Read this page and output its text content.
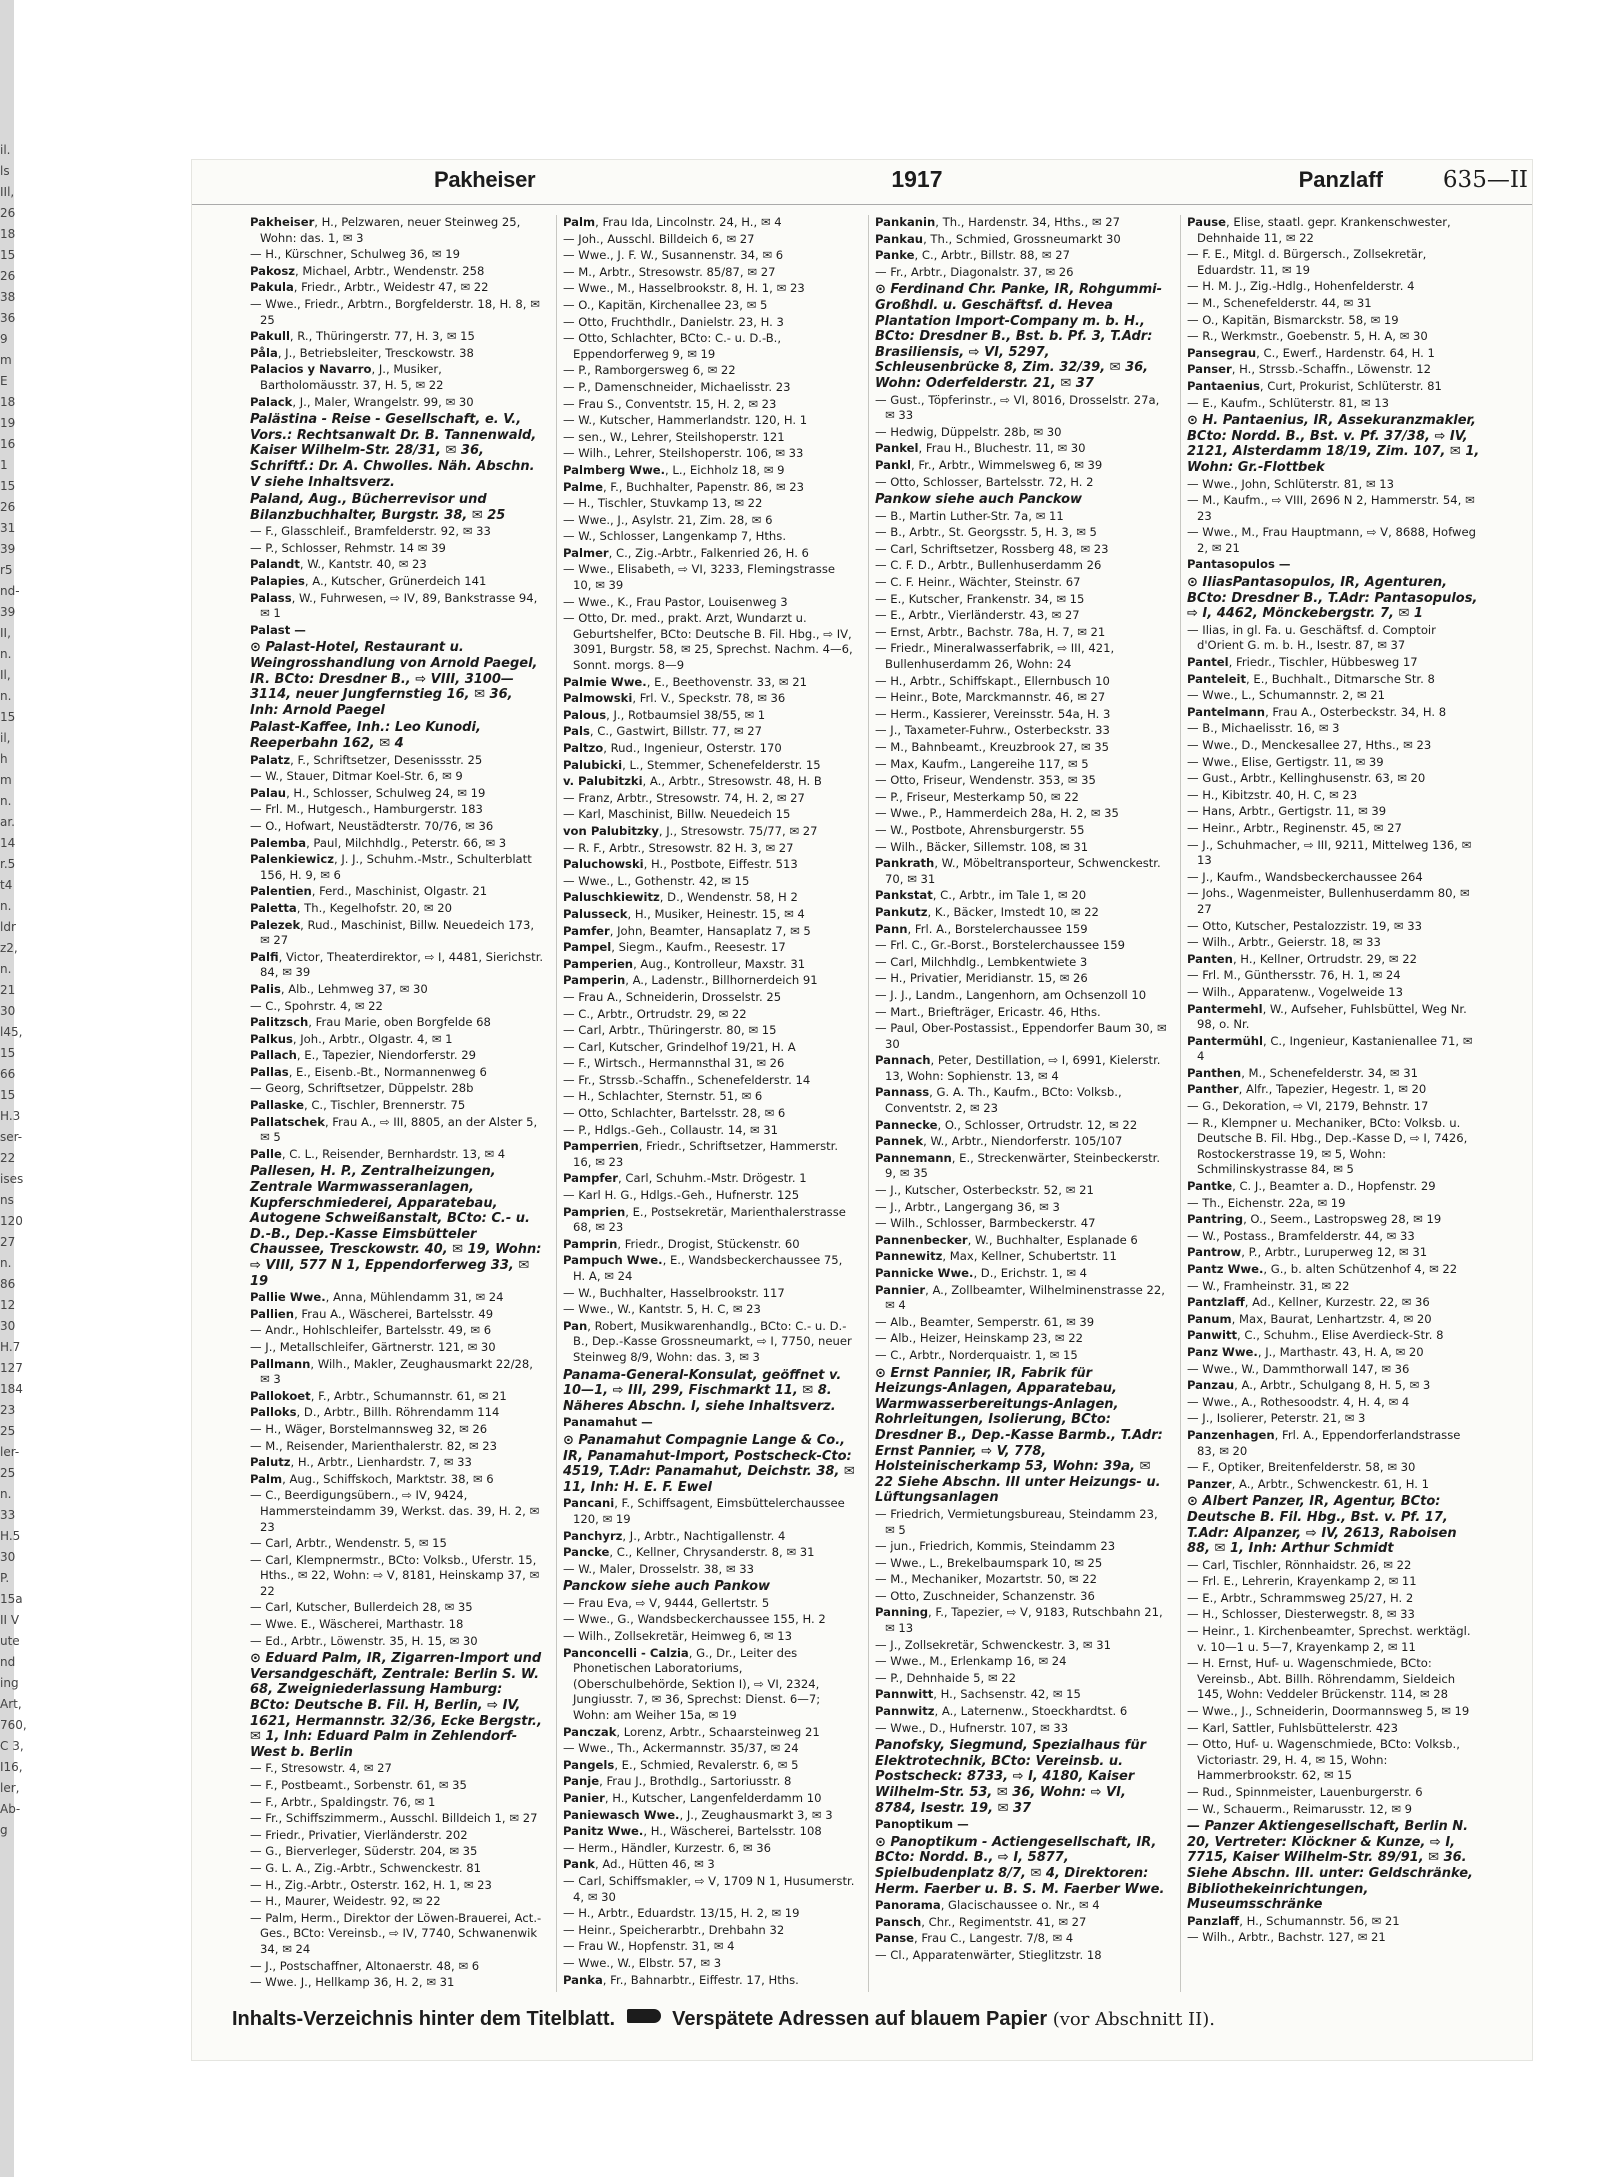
il.
ls
IIl,
26
18
15
26
38
36
9
m
E
18
19
16
1
15
26
31
39
r5
nd-
39
II,
n.
Il,
n.
15
il,
h
m
n.
ar.
14
r.5
t4
n.
ldr
z2,
n.
21
30
l45,
15
66
15
H.3
ser-
22
ises
ns
120
27
n.
86
12
30
H.7
127
184
23
25
ler-
25
n.
33
H.5
30
P.
15a
II V
ute
nd
ing
Art,
760,
C 3,
I16,
ler,
Ab-
g
Pakheiser	1917	Panzlaff	635—II
Pakheiser, H., Pelzwaren, neuer Steinweg 25, Wohn: das. 1, ✉ 3
— H., Kürschner, Schulweg 36, ✉ 19
Pakosz, Michael, Arbtr., Wendenstr. 258
Pakula, Friedr., Arbtr., Weidestr 47, ✉ 22
— Wwe., Friedr., Arbtrn., Borgfelderstr. 18, H. 8, ✉ 25
Pakull, R., Thüringerstr. 77, H. 3, ✉ 15
Påla, J., Betriebsleiter, Tresckowstr. 38
Palacios y Navarro, J., Musiker, Bartholomäusstr. 37, H. 5, ✉ 22
Palack, J., Maler, Wrangelstr. 99, ✉ 30
Palästina - Reise - Gesellschaft, e. V., Vors.: Rechtsanwalt Dr. B. Tannenwald, Kaiser Wilhelm-Str. 28/31, ✉ 36, Schriftf.: Dr. A. Chwolles. Näh. Abschn. V siehe Inhaltsverz.
Paland, Aug., Bücherrevisor und Bilanzbuchhalter, Burgstr. 38, ✉ 25
— F., Glasschleif., Bramfelderstr. 92, ✉ 33
— P., Schlosser, Rehmstr. 14 ✉ 39
Palandt, W., Kantstr. 40, ✉ 23
Palapies, A., Kutscher, Grünerdeich 141
Palass, W., Fuhrwesen, ⇨ IV, 89, Bankstrasse 94, ✉ 1
Palast —
⊙ Palast-Hotel, Restaurant u. Weingrosshandlung von Arnold Paegel, IR. BCto: Dresdner B., ⇨ VIII, 3100—3114, neuer Jungfernstieg 16, ✉ 36, Inh: Arnold Paegel
Palast-Kaffee, Inh.: Leo Kunodi, Reeperbahn 162, ✉ 4
Palatz, F., Schriftsetzer, Desenissstr. 25
— W., Stauer, Ditmar Koel-Str. 6, ✉ 9
Palau, H., Schlosser, Schulweg 24, ✉ 19
— Frl. M., Hutgesch., Hamburgerstr. 183
— O., Hofwart, Neustädterstr. 70/76, ✉ 36
Palemba, Paul, Milchhdlg., Peterstr. 66, ✉ 3
Palenkiewicz, J. J., Schuhm.-Mstr., Schulterblatt 156, H. 9, ✉ 6
Palentien, Ferd., Maschinist, Olgastr. 21
Paletta, Th., Kegelhofstr. 20, ✉ 20
Palezek, Rud., Maschinist, Billw. Neuedeich 173, ✉ 27
Palfi, Victor, Theaterdirektor, ⇨ I, 4481, Sierichstr. 84, ✉ 39
Palis, Alb., Lehmweg 37, ✉ 30
— C., Spohrstr. 4, ✉ 22
Palitzsch, Frau Marie, oben Borgfelde 68
Palkus, Joh., Arbtr., Olgastr. 4, ✉ 1
Pallach, E., Tapezier, Niendorferstr. 29
Pallas, E., Eisenb.-Bt., Normannenweg 6
— Georg, Schriftsetzer, Düppelstr. 28b
Pallaske, C., Tischler, Brennerstr. 75
Pallatschek, Frau A., ⇨ III, 8805, an der Alster 5, ✉ 5
Palle, C. L., Reisender, Bernhardstr. 13, ✉ 4
Pallesen, H. P., Zentralheizungen, Zentrale Warmwasseranlagen, Kupferschmiederei, Apparatebau, Autogene Schweißanstalt, BCto: C.- u. D.-B., Dep.-Kasse Eimsbütteler Chaussee, Tresckowstr. 40, ✉ 19, Wohn: ⇨ VIII, 577 N 1, Eppendorferweg 33, ✉ 19
Pallie Wwe., Anna, Mühlendamm 31, ✉ 24
Pallien, Frau A., Wäscherei, Bartelsstr. 49
— Andr., Hohlschleifer, Bartelsstr. 49, ✉ 6
— J., Metallschleifer, Gärtnerstr. 121, ✉ 30
Pallmann, Wilh., Makler, Zeughausmarkt 22/28, ✉ 3
Pallokoet, F., Arbtr., Schumannstr. 61, ✉ 21
Palloks, D., Arbtr., Billh. Röhrendamm 114
— H., Wäger, Borstelmannsweg 32, ✉ 26
— M., Reisender, Marienthalerstr. 82, ✉ 23
Palutz, H., Arbtr., Lienhardstr. 7, ✉ 33
Palm, Aug., Schiffskoch, Marktstr. 38, ✉ 6
— C., Beerdigungsübern., ⇨ IV, 9424, Hammersteindamm 39, Werkst. das. 39, H. 2, ✉ 23
— Carl, Arbtr., Wendenstr. 5, ✉ 15
— Carl, Klempnermstr., BCto: Volksb., Uferstr. 15, Hths., ✉ 22, Wohn: ⇨ V, 8181, Heinskamp 37, ✉ 22
— Carl, Kutscher, Bullerdeich 28, ✉ 35
— Wwe. E., Wäscherei, Marthastr. 18
— Ed., Arbtr., Löwenstr. 35, H. 15, ✉ 30
⊙ Eduard Palm, IR, Zigarren-Import und Versandgeschäft, Zentrale: Berlin S. W. 68, Zweigniederlassung Hamburg: BCto: Deutsche B. Fil. H, Berlin, ⇨ IV, 1621, Hermannstr. 32/36, Ecke Bergstr., ✉ 1, Inh: Eduard Palm in Zehlendorf-West b. Berlin
— F., Stresowstr. 4, ✉ 27
— F., Postbeamt., Sorbenstr. 61, ✉ 35
— F., Arbtr., Spaldingstr. 76, ✉ 1
— Fr., Schiffszimmerm., Ausschl. Billdeich 1, ✉ 27
— Friedr., Privatier, Vierländerstr. 202
— G., Bierverleger, Süderstr. 204, ✉ 35
— G. L. A., Zig.-Arbtr., Schwenckestr. 81
— H., Zig.-Arbtr., Osterstr. 162, H. 1, ✉ 23
— H., Maurer, Weidestr. 92, ✉ 22
— Palm, Herm., Direktor der Löwen-Brauerei, Act.-Ges., BCto: Vereinsb., ⇨ IV, 7740, Schwanenwik 34, ✉ 24
— J., Postschaffner, Altonaerstr. 48, ✉ 6
— Wwe. J., Hellkamp 36, H. 2, ✉ 31
Palm, Frau Ida, Lincolnstr. 24, H., ✉ 4
— Joh., Ausschl. Billdeich 6, ✉ 27
— Wwe., J. F. W., Susannenstr. 34, ✉ 6
— M., Arbtr., Stresowstr. 85/87, ✉ 27
— Wwe., M., Hasselbrookstr. 8, H. 1, ✉ 23
— O., Kapitän, Kirchenallee 23, ✉ 5
— Otto, Fruchthdlr., Danielstr. 23, H. 3
— Otto, Schlachter, BCto: C.- u. D.-B., Eppendorferweg 9, ✉ 19
— P., Ramborgersweg 6, ✉ 22
— P., Damenschneider, Michaelisstr. 23
— Frau S., Conventstr. 15, H. 2, ✉ 23
— W., Kutscher, Hammerlandstr. 120, H. 1
— sen., W., Lehrer, Steilshoperstr. 121
— Wilh., Lehrer, Steilshoperstr. 106, ✉ 33
Palmberg Wwe., L., Eichholz 18, ✉ 9
Palme, F., Buchhalter, Papenstr. 86, ✉ 23
— H., Tischler, Stuvkamp 13, ✉ 22
— Wwe., J., Asylstr. 21, Zim. 28, ✉ 6
— W., Schlosser, Langenkamp 7, Hths.
Palmer, C., Zig.-Arbtr., Falkenried 26, H. 6
— Wwe., Elisabeth, ⇨ VI, 3233, Flemingstrasse 10, ✉ 39
— Wwe., K., Frau Pastor, Louisenweg 3
— Otto, Dr. med., prakt. Arzt, Wundarzt u. Geburtshelfer, BCto: Deutsche B. Fil. Hbg., ⇨ IV, 3091, Burgstr. 58, ✉ 25, Sprechst. Nachm. 4—6, Sonnt. morgs. 8—9
Palmie Wwe., E., Beethovenstr. 33, ✉ 21
Palmowski, Frl. V., Speckstr. 78, ✉ 36
Palous, J., Rotbaumsiel 38/55, ✉ 1
Pals, C., Gastwirt, Billstr. 77, ✉ 27
Paltzo, Rud., Ingenieur, Osterstr. 170
Palubicki, L., Stemmer, Schenefelderstr. 15
v. Palubitzki, A., Arbtr., Stresowstr. 48, H. B
— Franz, Arbtr., Stresowstr. 74, H. 2, ✉ 27
— Karl, Maschinist, Billw. Neuedeich 15
von Palubitzky, J., Stresowstr. 75/77, ✉ 27
— R. F., Arbtr., Stresowstr. 82 H. 3, ✉ 27
Paluchowski, H., Postbote, Eiffestr. 513
— Wwe., L., Gothenstr. 42, ✉ 15
Paluschkiewitz, D., Wendenstr. 58, H 2
Palusseck, H., Musiker, Heinestr. 15, ✉ 4
Pamfer, John, Beamter, Hansaplatz 7, ✉ 5
Pampel, Siegm., Kaufm., Reesestr. 17
Pamperien, Aug., Kontrolleur, Maxstr. 31
Pamperin, A., Ladenstr., Billhornerdeich 91
— Frau A., Schneiderin, Drosselstr. 25
— C., Arbtr., Ortrudstr. 29, ✉ 22
— Carl, Arbtr., Thüringerstr. 80, ✉ 15
— Carl, Kutscher, Grindelhof 19/21, H. A
— F., Wirtsch., Hermannsthal 31, ✉ 26
— Fr., Strssb.-Schaffn., Schenefelderstr. 14
— H., Schlachter, Sternstr. 51, ✉ 6
— Otto, Schlachter, Bartelsstr. 28, ✉ 6
— P., Hdlgs.-Geh., Collaustr. 14, ✉ 31
Pamperrien, Friedr., Schriftsetzer, Hammerstr. 16, ✉ 23
Pampfer, Carl, Schuhm.-Mstr. Drögestr. 1
— Karl H. G., Hdlgs.-Geh., Hufnerstr. 125
Pamprien, E., Postsekretär, Marienthalerstrasse 68, ✉ 23
Pamprin, Friedr., Drogist, Stückenstr. 60
Pampuch Wwe., E., Wandsbeckerchaussee 75, H. A, ✉ 24
— W., Buchhalter, Hasselbrookstr. 117
— Wwe., W., Kantstr. 5, H. C, ✉ 23
Pan, Robert, Musikwarenhandlg., BCto: C.- u. D.-B., Dep.-Kasse Grossneumarkt, ⇨ I, 7750, neuer Steinweg 8/9, Wohn: das. 3, ✉ 3
Panama-General-Konsulat, geöffnet v. 10—1, ⇨ III, 299, Fischmarkt 11, ✉ 8. Näheres Abschn. I, siehe Inhaltsverz.
Panamahut —
⊙ Panamahut Compagnie Lange & Co., IR, Panamahut-Import, Postscheck-Cto: 4519, T.Adr: Panamahut, Deichstr. 38, ✉ 11, Inh: H. E. F. Ewel
Pancani, F., Schiffsagent, Eimsbüttelerchaussee 120, ✉ 19
Panchyrz, J., Arbtr., Nachtigallenstr. 4
Pancke, C., Kellner, Chrysanderstr. 8, ✉ 31
— W., Maler, Drosselstr. 38, ✉ 33
Panckow siehe auch Pankow
— Frau Eva, ⇨ V, 9444, Gellertstr. 5
— Wwe., G., Wandsbeckerchaussee 155, H. 2
— Wilh., Zollsekretär, Heimweg 6, ✉ 13
Panconcelli - Calzia, G., Dr., Leiter des Phonetischen Laboratoriums, (Oberschulbehörde, Sektion I), ⇨ VI, 2324, Jungiusstr. 7, ✉ 36, Sprechst: Dienst. 6—7; Wohn: am Weiher 15a, ✉ 19
Panczak, Lorenz, Arbtr., Schaarsteinweg 21
— Wwe., Th., Ackermannstr. 35/37, ✉ 24
Pangels, E., Schmied, Revalerstr. 6, ✉ 5
Panje, Frau J., Brothdlg., Sartoriusstr. 8
Panier, H., Kutscher, Langenfelderdamm 10
Paniewasch Wwe., J., Zeughausmarkt 3, ✉ 3
Panitz Wwe., H., Wäscherei, Bartelsstr. 108
— Herm., Händler, Kurzestr. 6, ✉ 36
Pank, Ad., Hütten 46, ✉ 3
— Carl, Schiffsmakler, ⇨ V, 1709 N 1, Husumerstr. 4, ✉ 30
— H., Arbtr., Eduardstr. 13/15, H. 2, ✉ 19
— Heinr., Speicherarbtr., Drehbahn 32
— Frau W., Hopfenstr. 31, ✉ 4
— Wwe., W., Elbstr. 57, ✉ 3
Panka, Fr., Bahnarbtr., Eiffestr. 17, Hths.
Pankanin, Th., Hardenstr. 34, Hths., ✉ 27
Pankau, Th., Schmied, Grossneumarkt 30
Panke, C., Arbtr., Billstr. 88, ✉ 27
— Fr., Arbtr., Diagonalstr. 37, ✉ 26
⊙ Ferdinand Chr. Panke, IR, Rohgummi-Großhdl. u. Geschäftsf. d. Hevea Plantation Import-Company m. b. H., BCto: Dresdner B., Bst. b. Pf. 3, T.Adr: Brasiliensis, ⇨ VI, 5297, Schleusenbrücke 8, Zim. 32/39, ✉ 36, Wohn: Oderfelderstr. 21, ✉ 37
— Gust., Töpferinstr., ⇨ VI, 8016, Drosselstr. 27a, ✉ 33
— Hedwig, Düppelstr. 28b, ✉ 30
Pankel, Frau H., Bluchestr. 11, ✉ 30
Pankl, Fr., Arbtr., Wimmelsweg 6, ✉ 39
— Otto, Schlosser, Bartelsstr. 72, H. 2
Pankow siehe auch Panckow
— B., Martin Luther-Str. 7a, ✉ 11
— B., Arbtr., St. Georgsstr. 5, H. 3, ✉ 5
— Carl, Schriftsetzer, Rossberg 48, ✉ 23
— C. F. D., Arbtr., Bullenhuserdamm 26
— C. F. Heinr., Wächter, Steinstr. 67
— E., Kutscher, Frankenstr. 34, ✉ 15
— E., Arbtr., Vierländerstr. 43, ✉ 27
— Ernst, Arbtr., Bachstr. 78a, H. 7, ✉ 21
— Friedr., Mineralwasserfabrik, ⇨ III, 421, Bullenhuserdamm 26, Wohn: 24
— H., Arbtr., Schiffskapt., Ellernbusch 10
— Heinr., Bote, Marckmannstr. 46, ✉ 27
— Herm., Kassierer, Vereinsstr. 54a, H. 3
— J., Taxameter-Fuhrw., Osterbeckstr. 33
— M., Bahnbeamt., Kreuzbrook 27, ✉ 35
— Max, Kaufm., Langereihe 117, ✉ 5
— Otto, Friseur, Wendenstr. 353, ✉ 35
— P., Friseur, Mesterkamp 50, ✉ 22
— Wwe., P., Hammerdeich 28a, H. 2, ✉ 35
— W., Postbote, Ahrensburgerstr. 55
— Wilh., Bäcker, Sillemstr. 108, ✉ 31
Pankrath, W., Möbeltransporteur, Schwenckestr. 70, ✉ 31
Pankstat, C., Arbtr., im Tale 1, ✉ 20
Pankutz, K., Bäcker, Imstedt 10, ✉ 22
Pann, Frl. A., Borstelerchaussee 159
— Frl. C., Gr.-Borst., Borstelerchaussee 159
— Carl, Milchhdlg., Lembkentwiete 3
— H., Privatier, Meridianstr. 15, ✉ 26
— J. J., Landm., Langenhorn, am Ochsenzoll 10
— Mart., Briefträger, Ericastr. 46, Hths.
— Paul, Ober-Postassist., Eppendorfer Baum 30, ✉ 30
Pannach, Peter, Destillation, ⇨ I, 6991, Kielerstr. 13, Wohn: Sophienstr. 13, ✉ 4
Pannass, G. A. Th., Kaufm., BCto: Volksb., Conventstr. 2, ✉ 23
Pannecke, O., Schlosser, Ortrudstr. 12, ✉ 22
Pannek, W., Arbtr., Niendorferstr. 105/107
Pannemann, E., Streckenwärter, Steinbeckerstr. 9, ✉ 35
— J., Kutscher, Osterbeckstr. 52, ✉ 21
— J., Arbtr., Langergang 36, ✉ 3
— Wilh., Schlosser, Barmbeckerstr. 47
Pannenbecker, W., Buchhalter, Esplanade 6
Pannewitz, Max, Kellner, Schubertstr. 11
Pannicke Wwe., D., Erichstr. 1, ✉ 4
Pannier, A., Zollbeamter, Wilhelminenstrasse 22, ✉ 4
— Alb., Beamter, Semperstr. 61, ✉ 39
— Alb., Heizer, Heinskamp 23, ✉ 22
— C., Arbtr., Norderquaistr. 1, ✉ 15
⊙ Ernst Pannier, IR, Fabrik für Heizungs-Anlagen, Apparatebau, Warmwasserbereitungs-Anlagen, Rohrleitungen, Isolierung, BCto: Dresdner B., Dep.-Kasse Barmb., T.Adr: Ernst Pannier, ⇨ V, 778, Holsteinischerkamp 53, Wohn: 39a, ✉ 22 Siehe Abschn. III unter Heizungs- u. Lüftungsanlagen
— Friedrich, Vermietungsbureau, Steindamm 23, ✉ 5
— jun., Friedrich, Kommis, Steindamm 23
— Wwe., L., Brekelbaumspark 10, ✉ 25
— M., Mechaniker, Mozartstr. 50, ✉ 22
— Otto, Zuschneider, Schanzenstr. 36
Panning, F., Tapezier, ⇨ V, 9183, Rutschbahn 21, ✉ 13
— J., Zollsekretär, Schwenckestr. 3, ✉ 31
— Wwe., M., Erlenkamp 16, ✉ 24
— P., Dehnhaide 5, ✉ 22
Pannwitt, H., Sachsenstr. 42, ✉ 15
Pannwitz, A., Laternenw., Stoeckhardtst. 6
— Wwe., D., Hufnerstr. 107, ✉ 33
Panofsky, Siegmund, Spezialhaus für Elektrotechnik, BCto: Vereinsb. u. Postscheck: 8733, ⇨ I, 4180, Kaiser Wilhelm-Str. 53, ✉ 36, Wohn: ⇨ VI, 8784, Isestr. 19, ✉ 37
Panoptikum —
⊙ Panoptikum - Actiengesellschaft, IR, BCto: Nordd. B., ⇨ I, 5877, Spielbudenplatz 8/7, ✉ 4, Direktoren: Herm. Faerber u. B. S. M. Faerber Wwe.
Panorama, Glacischaussee o. Nr., ✉ 4
Pansch, Chr., Regimentstr. 41, ✉ 27
Panse, Frau C., Langestr. 7/8, ✉ 4
— Cl., Apparatenwärter, Stieglitzstr. 18
Pause, Elise, staatl. gepr. Krankenschwester, Dehnhaide 11, ✉ 22
— F. E., Mitgl. d. Bürgersch., Zollsekretär, Eduardstr. 11, ✉ 19
— H. M. J., Zig.-Hdlg., Hohenfelderstr. 4
— M., Schenefelderstr. 44, ✉ 31
— O., Kapitän, Bismarckstr. 58, ✉ 19
— R., Werkmstr., Goebenstr. 5, H. A, ✉ 30
Pansegrau, C., Ewerf., Hardenstr. 64, H. 1
Panser, H., Strssb.-Schaffn., Löwenstr. 12
Pantaenius, Curt, Prokurist, Schlüterstr. 81
— E., Kaufm., Schlüterstr. 81, ✉ 13
⊙ H. Pantaenius, IR, Assekuranzmakler, BCto: Nordd. B., Bst. v. Pf. 37/38, ⇨ IV, 2121, Alsterdamm 18/19, Zim. 107, ✉ 1, Wohn: Gr.-Flottbek
— Wwe., John, Schlüterstr. 81, ✉ 13
— M., Kaufm., ⇨ VIII, 2696 N 2, Hammerstr. 54, ✉ 23
— Wwe., M., Frau Hauptmann, ⇨ V, 8688, Hofweg 2, ✉ 21
Pantasopulos —
⊙ IliasPantasopulos, IR, Agenturen, BCto: Dresdner B., T.Adr: Pantasopulos, ⇨ I, 4462, Mönckebergstr. 7, ✉ 1
— Ilias, in gl. Fa. u. Geschäftsf. d. Comptoir d'Orient G. m. b. H., Isestr. 87, ✉ 37
Pantel, Friedr., Tischler, Hübbesweg 17
Panteleit, E., Buchhalt., Ditmarsche Str. 8
— Wwe., L., Schumannstr. 2, ✉ 21
Pantelmann, Frau A., Osterbeckstr. 34, H. 8
— B., Michaelisstr. 16, ✉ 3
— Wwe., D., Menckesallee 27, Hths., ✉ 23
— Wwe., Elise, Gertigstr. 11, ✉ 39
— Gust., Arbtr., Kellinghusenstr. 63, ✉ 20
— H., Kibitzstr. 40, H. C, ✉ 23
— Hans, Arbtr., Gertigstr. 11, ✉ 39
— Heinr., Arbtr., Reginenstr. 45, ✉ 27
— J., Schuhmacher, ⇨ III, 9211, Mittelweg 136, ✉ 13
— J., Kaufm., Wandsbeckerchaussee 264
— Johs., Wagenmeister, Bullenhuserdamm 80, ✉ 27
— Otto, Kutscher, Pestalozzistr. 19, ✉ 33
— Wilh., Arbtr., Geierstr. 18, ✉ 33
Panten, H., Kellner, Ortrudstr. 29, ✉ 22
— Frl. M., Günthersstr. 76, H. 1, ✉ 24
— Wilh., Apparatenw., Vogelweide 13
Pantermehl, W., Aufseher, Fuhlsbüttel, Weg Nr. 98, o. Nr.
Pantermühl, C., Ingenieur, Kastanienallee 71, ✉ 4
Panthen, M., Schenefelderstr. 34, ✉ 31
Panther, Alfr., Tapezier, Hegestr. 1, ✉ 20
— G., Dekoration, ⇨ VI, 2179, Behnstr. 17
— R., Klempner u. Mechaniker, BCto: Volksb. u. Deutsche B. Fil. Hbg., Dep.-Kasse D, ⇨ I, 7426, Rostockerstrasse 19, ✉ 5, Wohn: Schmilinskystrasse 84, ✉ 5
Pantke, C. J., Beamter a. D., Hopfenstr. 29
— Th., Eichenstr. 22a, ✉ 19
Pantring, O., Seem., Lastropsweg 28, ✉ 19
— W., Postass., Bramfelderstr. 44, ✉ 33
Pantrow, P., Arbtr., Luruperweg 12, ✉ 31
Pantz Wwe., G., b. alten Schützenhof 4, ✉ 22
— W., Framheinstr. 31, ✉ 22
Pantzlaff, Ad., Kellner, Kurzestr. 22, ✉ 36
Panum, Max, Baurat, Lenhartzstr. 4, ✉ 20
Panwitt, C., Schuhm., Elise Averdieck-Str. 8
Panz Wwe., J., Marthastr. 43, H. A, ✉ 20
— Wwe., W., Dammthorwall 147, ✉ 36
Panzau, A., Arbtr., Schulgang 8, H. 5, ✉ 3
— Wwe., A., Rothesoodstr. 4, H. 4, ✉ 4
— J., Isolierer, Peterstr. 21, ✉ 3
Panzenhagen, Frl. A., Eppendorferlandstrasse 83, ✉ 20
— F., Optiker, Breitenfelderstr. 58, ✉ 30
Panzer, A., Arbtr., Schwenckestr. 61, H. 1
⊙ Albert Panzer, IR, Agentur, BCto: Deutsche B. Fil. Hbg., Bst. v. Pf. 17, T.Adr: Alpanzer, ⇨ IV, 2613, Raboisen 88, ✉ 1, Inh: Arthur Schmidt
— Carl, Tischler, Rönnhaidstr. 26, ✉ 22
— Frl. E., Lehrerin, Krayenkamp 2, ✉ 11
— E., Arbtr., Schrammsweg 25/27, H. 2
— H., Schlosser, Diesterwegstr. 8, ✉ 33
— Heinr., 1. Kirchenbeamter, Sprechst. werktägl. v. 10—1 u. 5—7, Krayenkamp 2, ✉ 11
— H. Ernst, Huf- u. Wagenschmiede, BCto: Vereinsb., Abt. Billh. Röhrendamm, Sieldeich 145, Wohn: Veddeler Brückenstr. 114, ✉ 28
— Wwe., J., Schneiderin, Doormannsweg 5, ✉ 19
— Karl, Sattler, Fuhlsbüttelerstr. 423
— Otto, Huf- u. Wagenschmiede, BCto: Volksb., Victoriastr. 29, H. 4, ✉ 15, Wohn: Hammerbrookstr. 62, ✉ 15
— Rud., Spinnmeister, Lauenburgerstr. 6
— W., Schauerm., Reimarusstr. 12, ✉ 9
— Panzer Aktiengesellschaft, Berlin N. 20, Vertreter: Klöckner & Kunze, ⇨ I, 7715, Kaiser Wilhelm-Str. 89/91, ✉ 36. Siehe Abschn. III. unter: Geldschränke, Bibliothekeinrichtungen, Museumsschränke
Panzlaff, H., Schumannstr. 56, ✉ 21
— Wilh., Arbtr., Bachstr. 127, ✉ 21
Inhalts-Verzeichnis hinter dem Titelblatt.	Verspätete Adressen auf blauem Papier (vor Abschnitt II).
